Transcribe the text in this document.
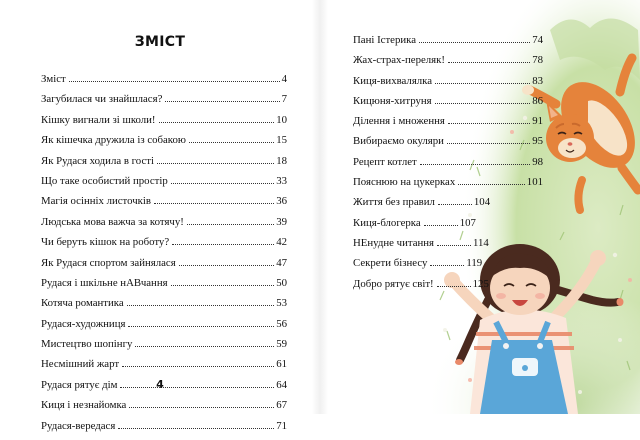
ЗМІСТ
Зміст	4
Загубилася чи знайшлася?	7
Кішку вигнали зі школи!	10
Як кішечка дружила із собакою	15
Як Рудася ходила в гості	18
Що таке особистий простір	33
Магія осінніх листочків	36
Людська мова важча за котячу!	39
Чи беруть кішок на роботу?	42
Як Рудася спортом зайнялася	47
Рудася і шкільне нАВчання	50
Котяча романтика	53
Рудася-художниця	56
Мистецтво шопінгу	59
Несмішний жарт	61
Рудася рятує дім	64
Киця і незнайомка	67
Рудася-вередася	71
4
Пані Істерика	74
Жах-страх-переляк!	78
Киця-вихвалялка	83
Кицюня-хитруня	86
Ділення і множення	91
Вибираємо окуляри	95
Рецепт котлет	98
Пояснюю на цукерках	101
Життя без правил	104
Киця-блогерка	107
НЕнудне читання	114
Секрети бізнесу	119
Добро рятує світ!	125
